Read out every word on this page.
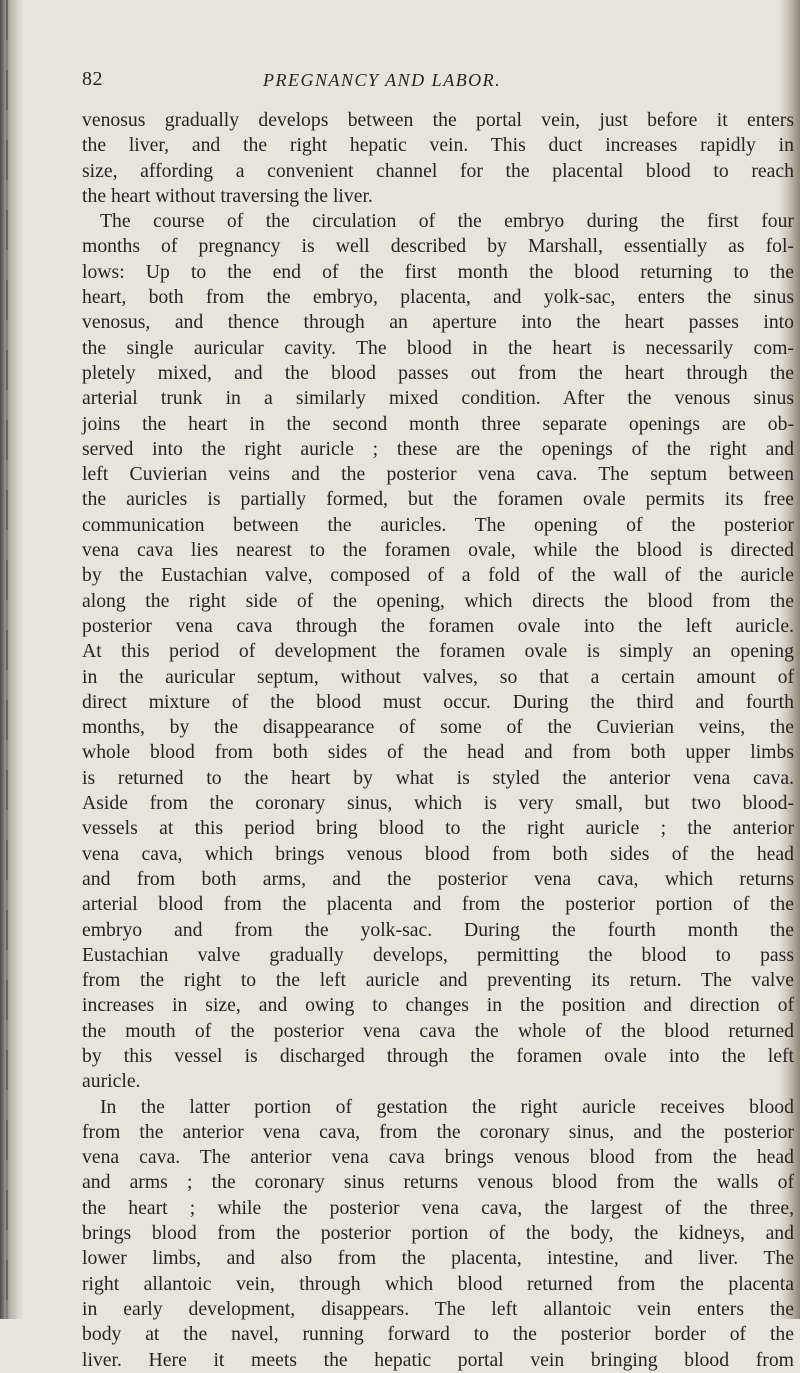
82	PREGNANCY AND LABOR.
venosus gradually develops between the portal vein, just before it enters
the liver, and the right hepatic vein. This duct increases rapidly in
size, affording a convenient channel for the placental blood to reach
the heart without traversing the liver.
The course of the circulation of the embryo during the first four
months of pregnancy is well described by Marshall, essentially as fol-
lows: Up to the end of the first month the blood returning to the
heart, both from the embryo, placenta, and yolk-sac, enters the sinus
venosus, and thence through an aperture into the heart passes into
the single auricular cavity. The blood in the heart is necessarily com-
pletely mixed, and the blood passes out from the heart through the
arterial trunk in a similarly mixed condition. After the venous sinus
joins the heart in the second month three separate openings are ob-
served into the right auricle ; these are the openings of the right and
left Cuvierian veins and the posterior vena cava. The septum between
the auricles is partially formed, but the foramen ovale permits its free
communication between the auricles. The opening of the posterior
vena cava lies nearest to the foramen ovale, while the blood is directed
by the Eustachian valve, composed of a fold of the wall of the auricle
along the right side of the opening, which directs the blood from the
posterior vena cava through the foramen ovale into the left auricle.
At this period of development the foramen ovale is simply an opening
in the auricular septum, without valves, so that a certain amount of
direct mixture of the blood must occur. During the third and fourth
months, by the disappearance of some of the Cuvierian veins, the
whole blood from both sides of the head and from both upper limbs
is returned to the heart by what is styled the anterior vena cava.
Aside from the coronary sinus, which is very small, but two blood-
vessels at this period bring blood to the right auricle ; the anterior
vena cava, which brings venous blood from both sides of the head
and from both arms, and the posterior vena cava, which returns
arterial blood from the placenta and from the posterior portion of the
embryo and from the yolk-sac. During the fourth month the
Eustachian valve gradually develops, permitting the blood to pass
from the right to the left auricle and preventing its return. The valve
increases in size, and owing to changes in the position and direction of
the mouth of the posterior vena cava the whole of the blood returned
by this vessel is discharged through the foramen ovale into the left
auricle.
In the latter portion of gestation the right auricle receives blood
from the anterior vena cava, from the coronary sinus, and the posterior
vena cava. The anterior vena cava brings venous blood from the head
and arms ; the coronary sinus returns venous blood from the walls of
the heart ; while the posterior vena cava, the largest of the three,
brings blood from the posterior portion of the body, the kidneys, and
lower limbs, and also from the placenta, intestine, and liver. The
right allantoic vein, through which blood returned from the placenta
in early development, disappears. The left allantoic vein enters the
body at the navel, running forward to the posterior border of the
liver. Here it meets the hepatic portal vein bringing blood from
